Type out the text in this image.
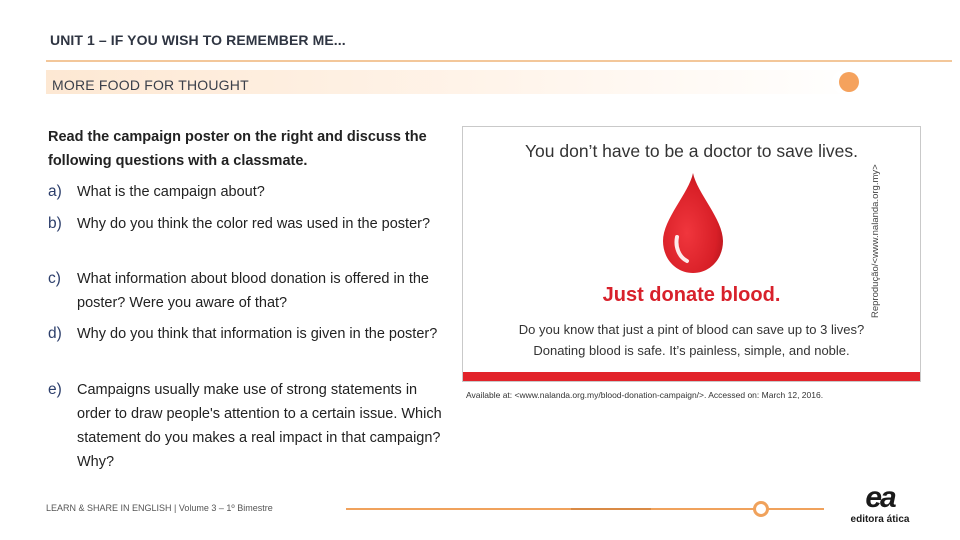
UNIT 1 – IF YOU WISH TO REMEMBER ME...
MORE FOOD FOR THOUGHT
Read the campaign poster on the right and discuss the following questions with a classmate.
a)	What is the campaign about?
b)	Why do you think the color red was used in the poster?
c)	What information about blood donation is offered in the poster? Were you aware of that?
d)	Why do you think that information is given in the poster?
e)	Campaigns usually make use of strong statements in order to draw people's attention to a certain issue. Which statement do you makes a real impact in that campaign? Why?
You don’t have to be a doctor to save lives.
Just donate blood.
Do you know that just a pint of blood can save up to 3 lives?
Donating blood is safe. It’s painless, simple, and noble.
Available at: <www.nalanda.org.my/blood-donation-campaign/>. Accessed on: March 12, 2016.
Reprodução/<www.nalanda.org.my>
LEARN & SHARE IN ENGLISH | Volume 3 – 1º Bimestre	ea
editora ática
